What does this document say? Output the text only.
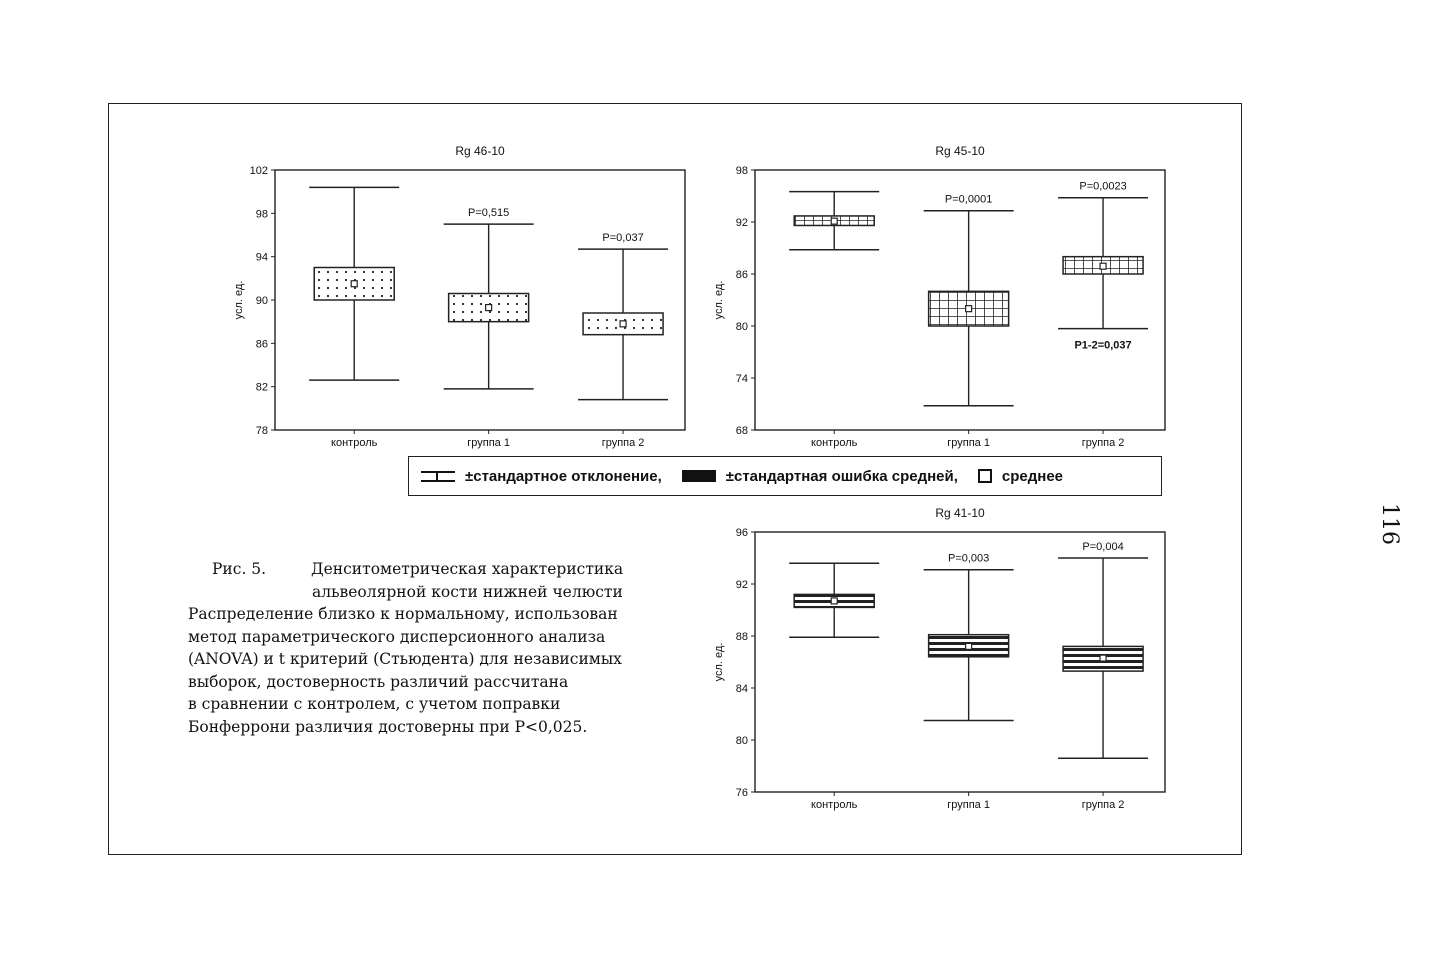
Rg 46-10
усл. ед.
78
82
86
90
94
98
102
контроль	группа 1	группа 2
P=0,515
P=0,037
Rg 45-10
усл. ед.
68
74
80
86
92
98
контроль	группа 1	группа 2
P=0,0001
P=0,0023
P1-2=0,037
Rg 41-10
усл. ед.
76
80
84
88
92
96
контроль	группа 1	группа 2
P=0,003
P=0,004
±стандартное отклонение,	±стандартная ошибка средней,	среднее
Рис. 5.	Денситометрическая характеристика
альвеолярной кости нижней челюсти
Распределение близко к нормальному, использован
метод параметрического дисперсионного анализа
(ANOVA) и t критерий (Стьюдента) для независимых
выборок, достоверность различий рассчитана
в сравнении с контролем, с учетом поправки
Бонферрони различия достоверны при P<0,025.
116
